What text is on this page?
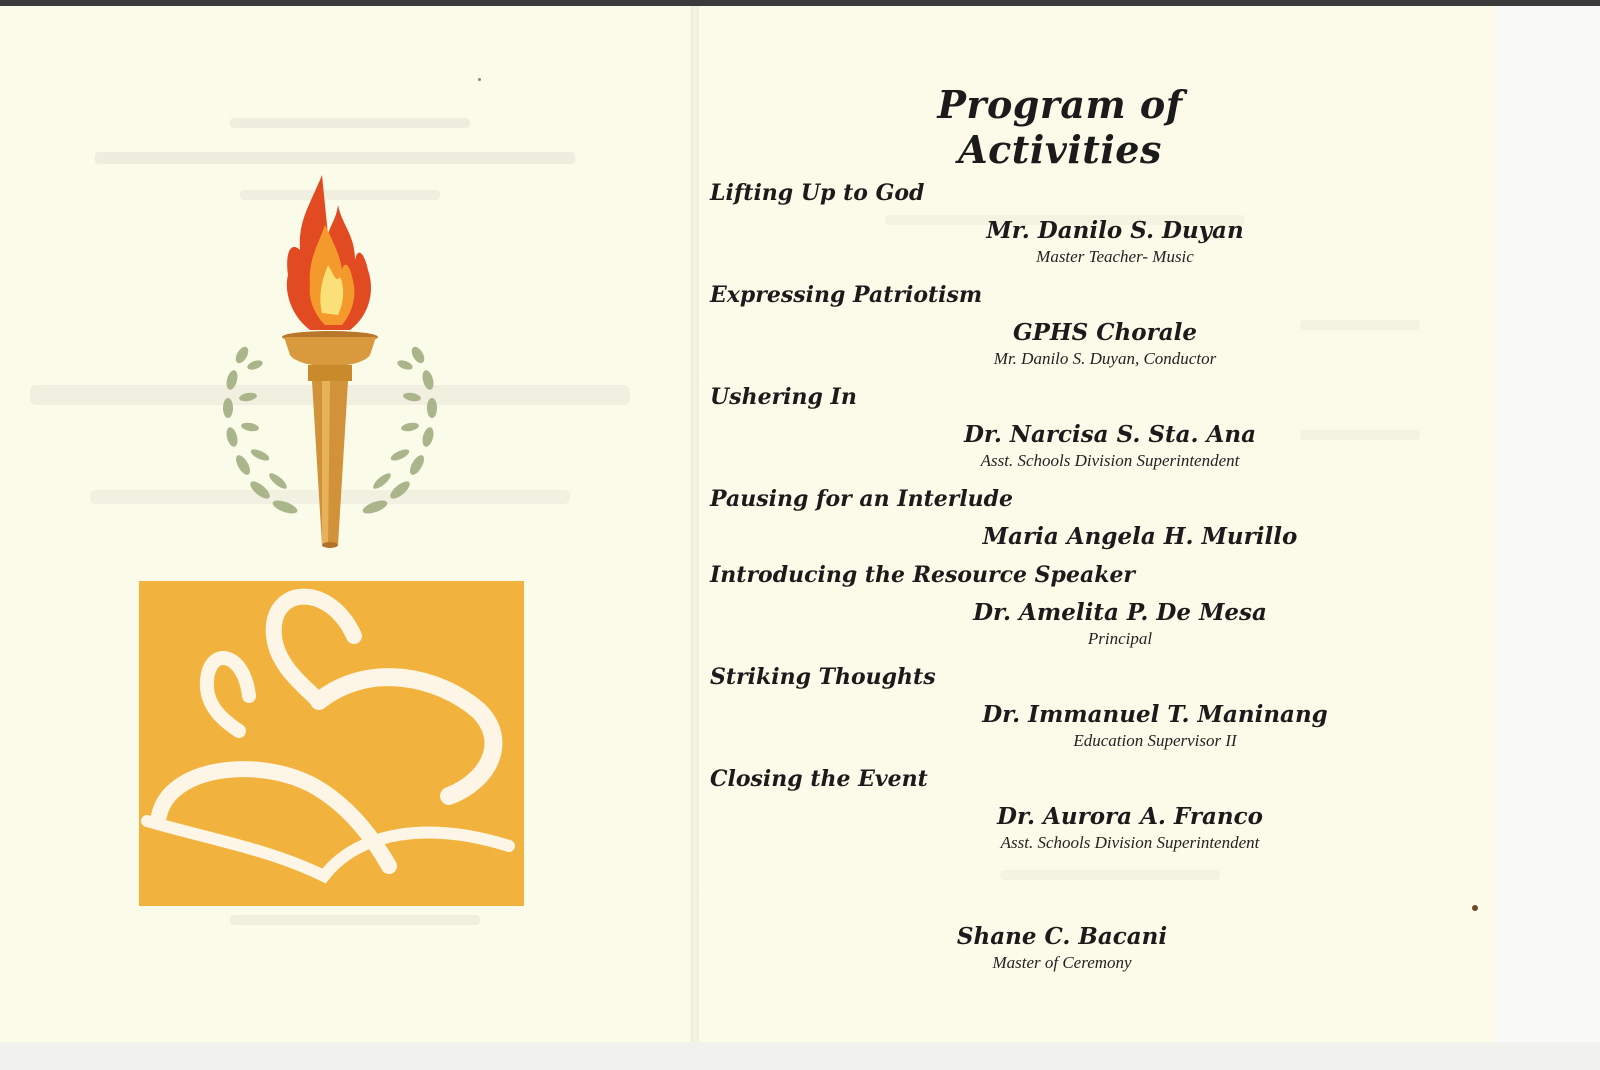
Program of Activities
Lifting Up to God
Mr. Danilo S. Duyan
Master Teacher- Music
Expressing Patriotism
GPHS Chorale
Mr. Danilo S. Duyan, Conductor
Ushering In
Dr. Narcisa S. Sta. Ana
Asst. Schools Division Superintendent
Pausing for an Interlude
Maria Angela H. Murillo
Introducing the Resource Speaker
Dr. Amelita P. De Mesa
Principal
Striking Thoughts
Dr. Immanuel T. Maninang
Education Supervisor II
Closing the Event
Dr. Aurora A. Franco
Asst. Schools Division Superintendent
Shane C. Bacani
Master of Ceremony
